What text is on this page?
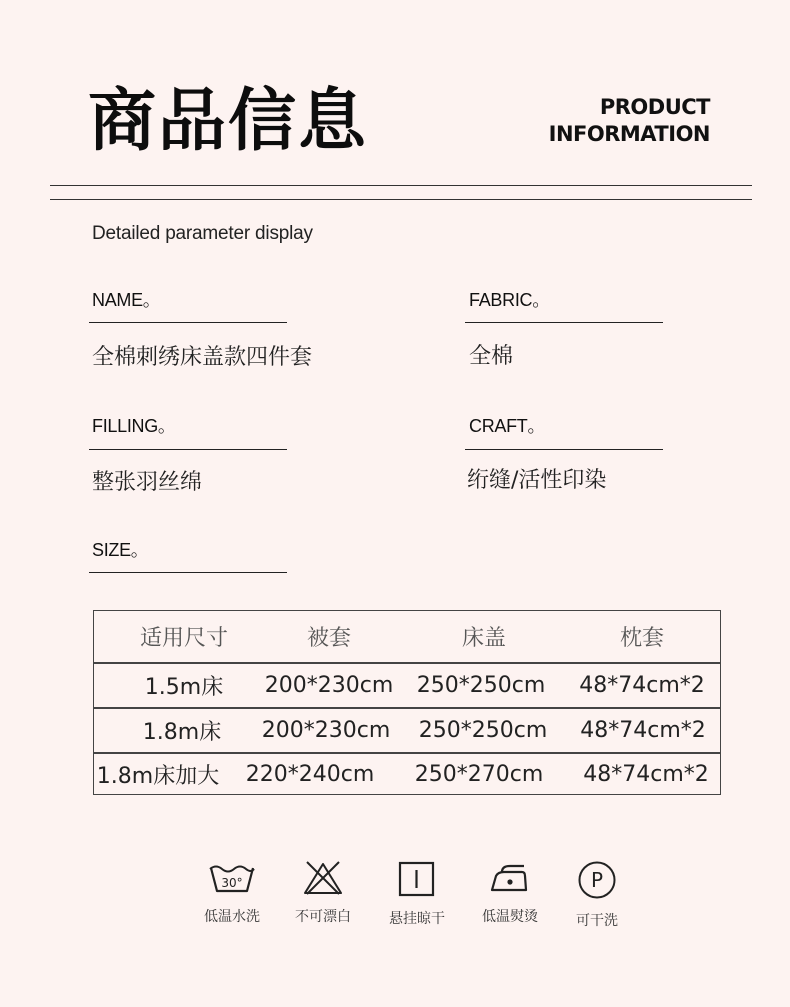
商品信息	PRODUCT
INFORMATION
Detailed parameter display
NAME。
全棉刺绣床盖款四件套
FABRIC。
全棉
FILLING。
整张羽丝绵
CRAFT。
绗缝/活性印染
SIZE。
适用尺寸	被套	床盖	枕套
1.5m床	200*230cm	250*250cm	48*74cm*2
1.8m床	200*230cm	250*250cm	48*74cm*2
1.8m床加大	220*240cm	250*270cm	48*74cm*2
30°
低温水洗	不可漂白	悬挂晾干	低温熨烫
P
可干洗
